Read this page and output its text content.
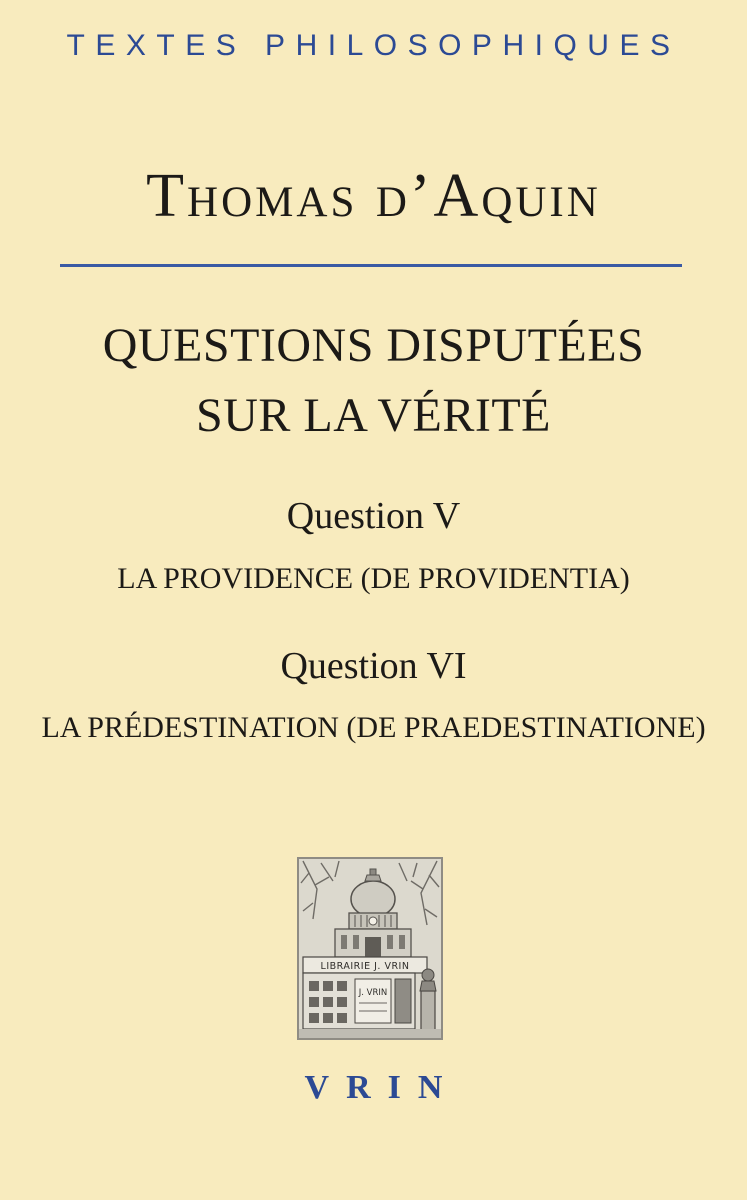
TEXTES PHILOSOPHIQUES
Thomas d’Aquin
QUESTIONS DISPUTÉES
SUR LA VÉRITÉ
Question V
LA PROVIDENCE (DE PROVIDENTIA)
Question VI
LA PRÉDESTINATION (DE PRAEDESTINATIONE)
LIBRAIRIE J. VRIN
J. VRIN
VRIN
